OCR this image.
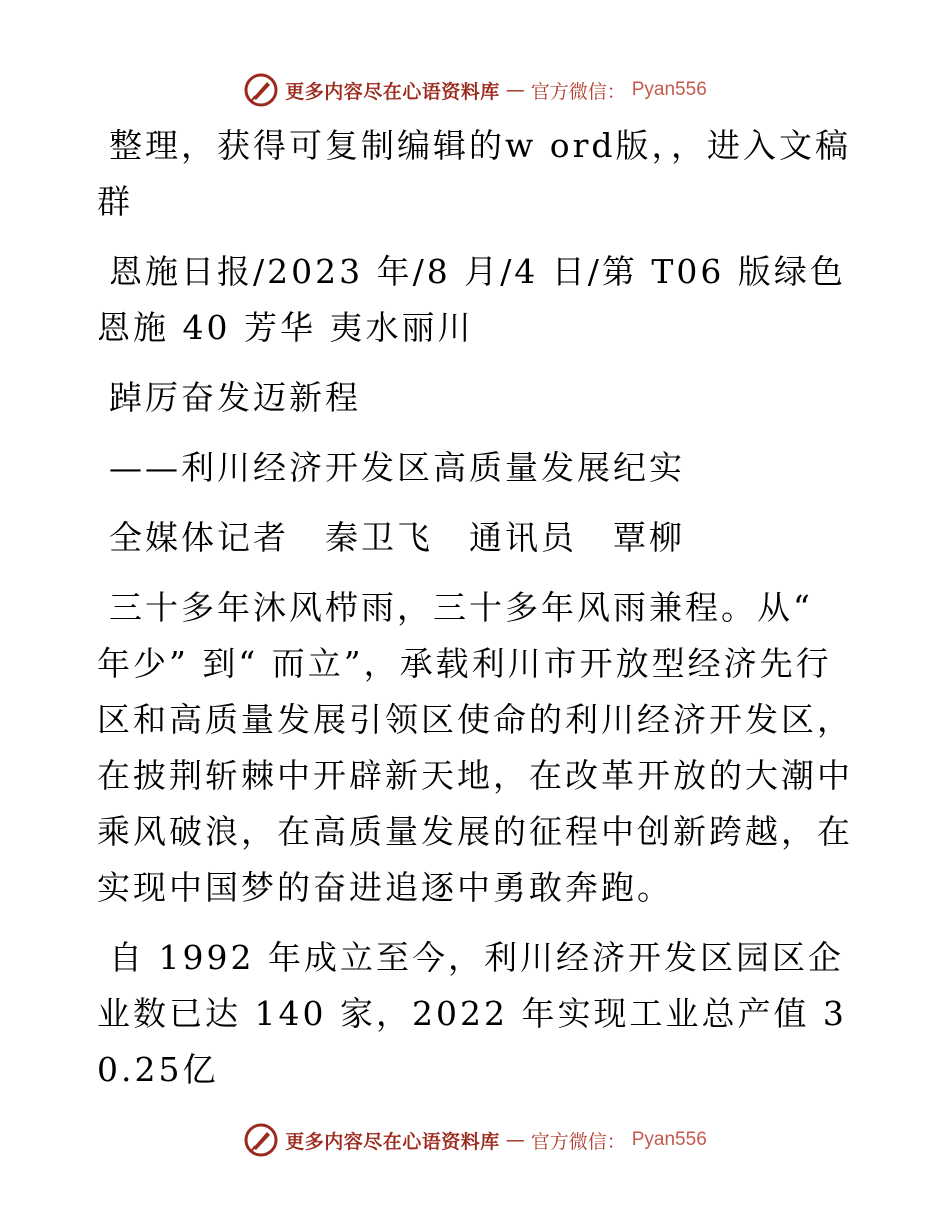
更多内容尽在心语资料库 — 官方微信： Pyan556

整理，获得可复制编辑的w ord版，，进入文稿群

恩施日报/2023 年/8 月/4 日/第 T06 版绿色恩施 40 芳华 夷水丽川

踔厉奋发迈新程

——利川经济开发区高质量发展纪实

全媒体记者　秦卫飞　通讯员　覃柳

三十多年沐风栉雨，三十多年风雨兼程。从“ 年少” 到“ 而立”，承载利川市开放型经济先行区和高质量发展引领区使命的利川经济开发区，在披荆斩棘中开辟新天地，在改革开放的大潮中乘风破浪，在高质量发展的征程中创新跨越，在实现中国梦的奋进追逐中勇敢奔跑。

自 1992 年成立至今，利川经济开发区园区企业数已达 140 家，2022 年实现工业总产值 30.25亿

更多内容尽在心语资料库 — 官方微信： Pyan556
